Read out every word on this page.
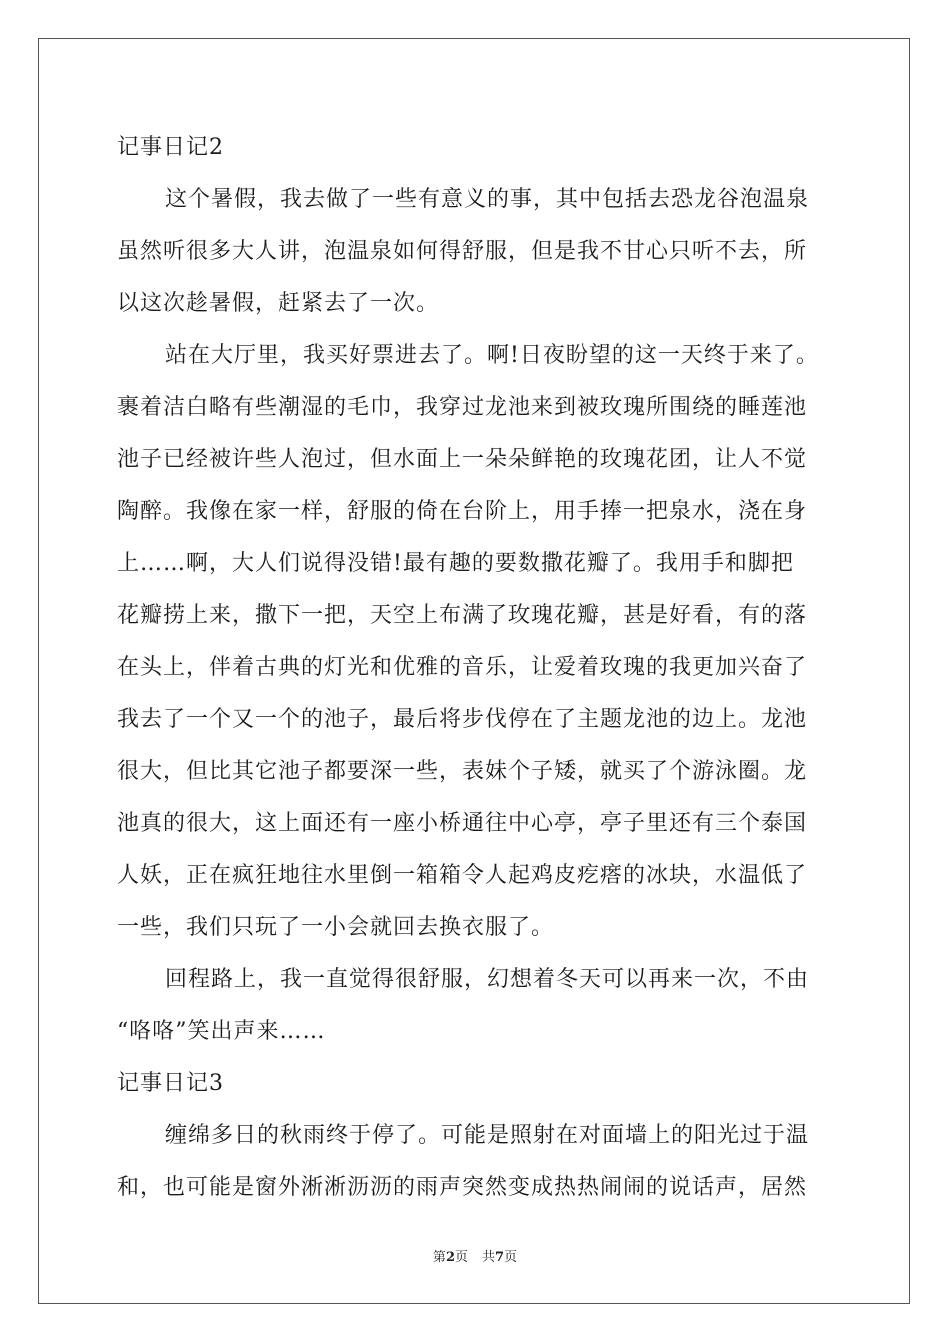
记事日记2
这个暑假，我去做了一些有意义的事，其中包括去恐龙谷泡温泉
虽然听很多大人讲，泡温泉如何得舒服，但是我不甘心只听不去，所
以这次趁暑假，赶紧去了一次。
站在大厅里，我买好票进去了。啊!日夜盼望的这一天终于来了。
裹着洁白略有些潮湿的毛巾，我穿过龙池来到被玫瑰所围绕的睡莲池
池子已经被许些人泡过，但水面上一朵朵鲜艳的玫瑰花团，让人不觉
陶醉。我像在家一样，舒服的倚在台阶上，用手捧一把泉水，浇在身
上……啊，大人们说得没错!最有趣的要数撒花瓣了。我用手和脚把
花瓣捞上来，撒下一把，天空上布满了玫瑰花瓣，甚是好看，有的落
在头上，伴着古典的灯光和优雅的音乐，让爱着玫瑰的我更加兴奋了
我去了一个又一个的池子，最后将步伐停在了主题龙池的边上。龙池
很大，但比其它池子都要深一些，表妹个子矮，就买了个游泳圈。龙
池真的很大，这上面还有一座小桥通往中心亭，亭子里还有三个泰国
人妖，正在疯狂地往水里倒一箱箱令人起鸡皮疙瘩的冰块，水温低了
一些，我们只玩了一小会就回去换衣服了。
回程路上，我一直觉得很舒服，幻想着冬天可以再来一次，不由
“咯咯”笑出声来……
记事日记3
缠绵多日的秋雨终于停了。可能是照射在对面墙上的阳光过于温
和，也可能是窗外淅淅沥沥的雨声突然变成热热闹闹的说话声，居然
第2页 共7页
